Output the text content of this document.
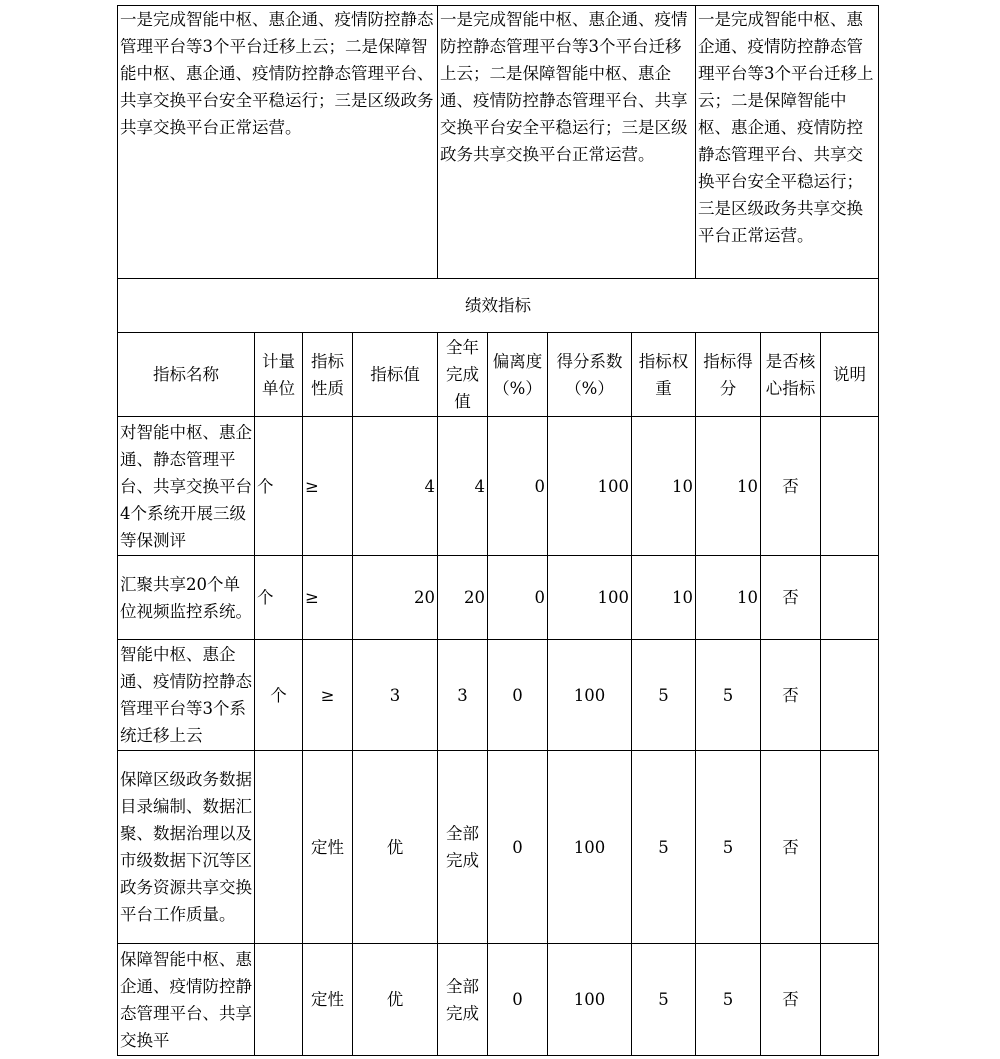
一是完成智能中枢、惠企通、疫情防控静态管理平台等3个平台迁移上云；二是保障智能中枢、惠企通、疫情防控静态管理平台、共享交换平台安全平稳运行；三是区级政务共享交换平台正常运营。				一是完成智能中枢、惠企通、疫情防控静态管理平台等3个平台迁移上云；二是保障智能中枢、惠企通、疫情防控静态管理平台、共享交换平台安全平稳运行；三是区级政务共享交换平台正常运营。				一是完成智能中枢、惠企通、疫情防控静态管理平台等3个平台迁移上云；二是保障智能中枢、惠企通、疫情防控静态管理平台、共享交换平台安全平稳运行；三是区级政务共享交换平台正常运营。		
绩效指标										
指标名称	计量单位	指标性质	指标值	全年完成值	偏离度（%）	得分系数（%）	指标权重	指标得分	是否核心指标	说明
对智能中枢、惠企通、静态管理平台、共享交换平台4个系统开展三级等保测评	个	≥	4	4	0	100	10	10	否	
汇聚共享20个单位视频监控系统。	个	≥	20	20	0	100	10	10	否	
智能中枢、惠企通、疫情防控静态管理平台等3个系统迁移上云	个	≥	3	3	0	100	5	5	否	
保障区级政务数据目录编制、数据汇聚、数据治理以及市级数据下沉等区政务资源共享交换平台工作质量。		定性	优	全部完成	0	100	5	5	否	
保障智能中枢、惠企通、疫情防控静态管理平台、共享交换平		定性	优	全部完成	0	100	5	5	否	
